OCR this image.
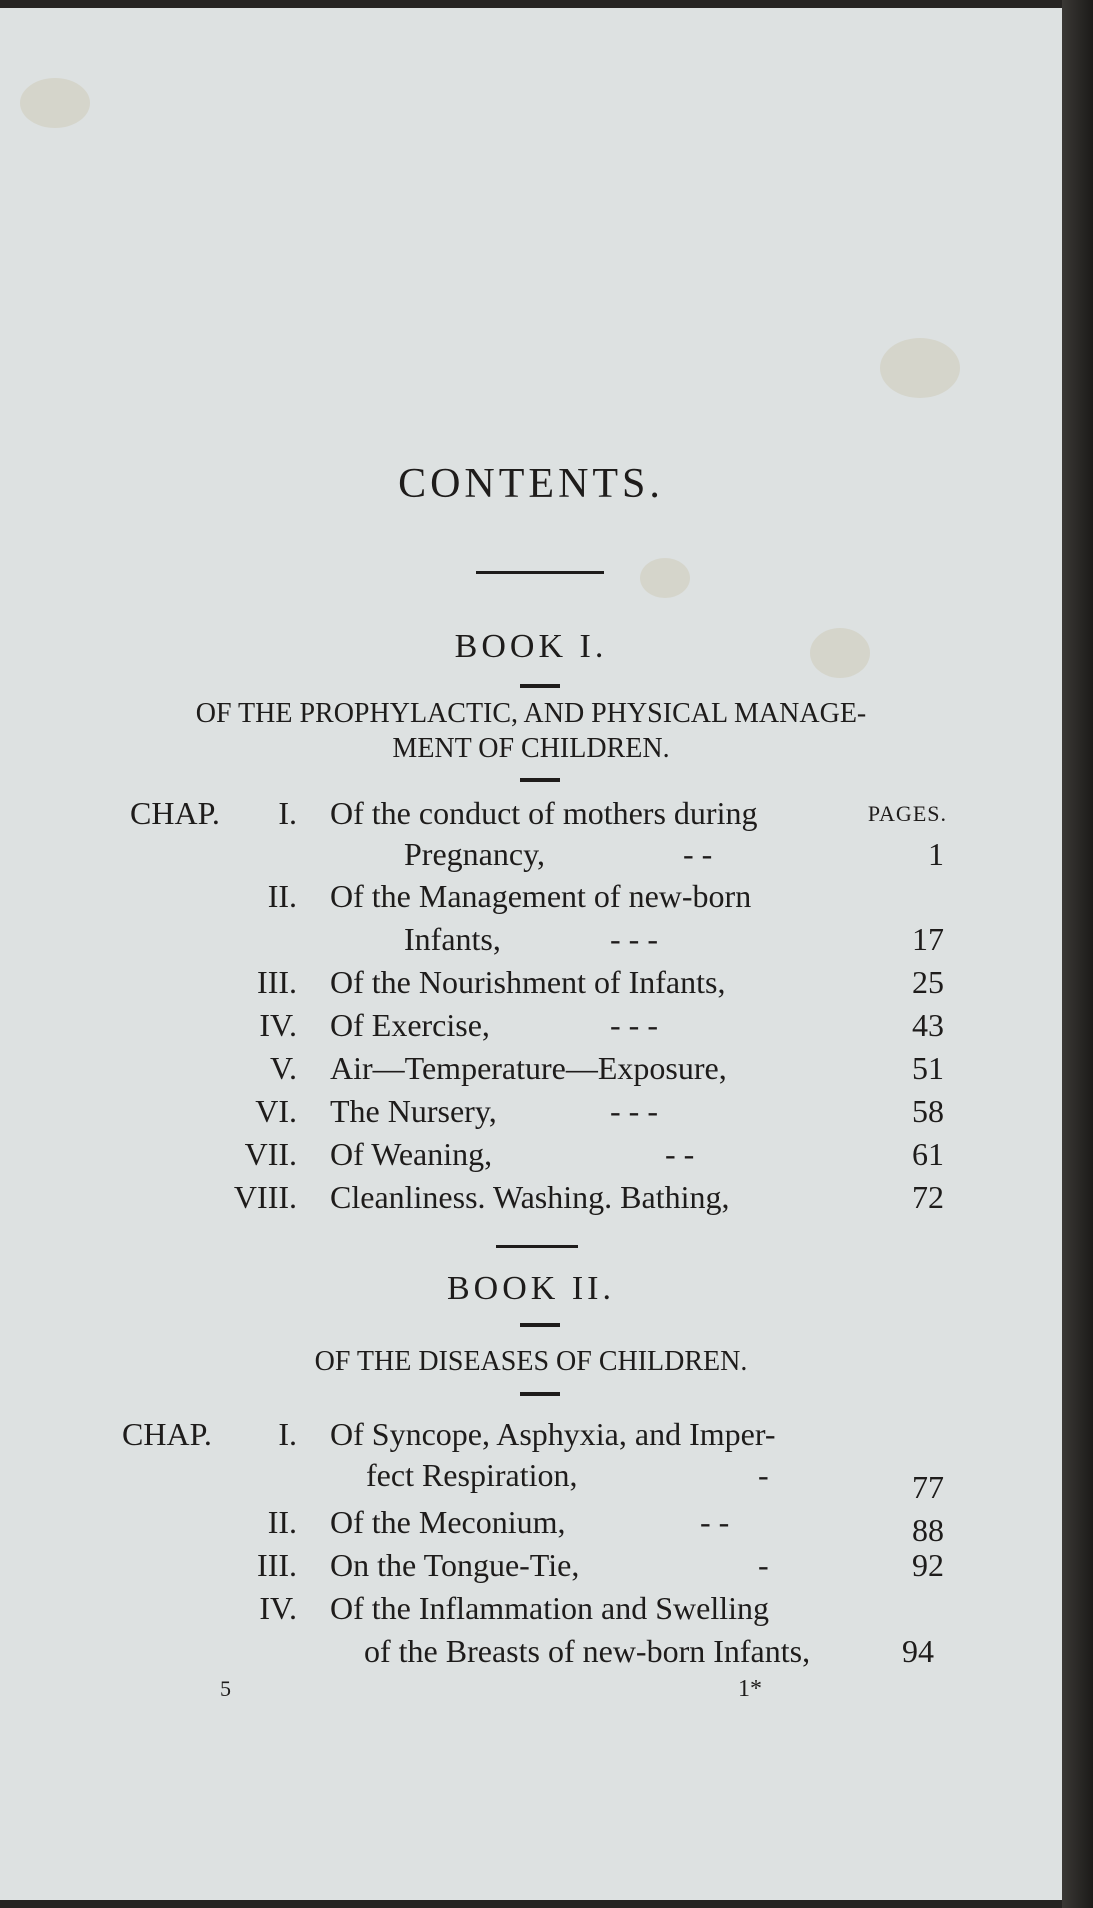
CONTENTS.
BOOK I.
OF THE PROPHYLACTIC, AND PHYSICAL MANAGE-
MENT OF CHILDREN.
CHAP. I. Of the conduct of mothers during	PAGES.
Pregnancy,	- -	1
II. Of the Management of new-born
Infants,	- - -	17
III. Of the Nourishment of Infants,	25
IV. Of Exercise,	- - -	43
V. Air—Temperature—Exposure,	51
VI. The Nursery,	- - -	58
VII. Of Weaning,	- -	61
VIII. Cleanliness. Washing. Bathing,	72
BOOK II.
OF THE DISEASES OF CHILDREN.
CHAP. I. Of Syncope, Asphyxia, and Imper-
fect Respiration,	-	77
II. Of the Meconium,	- -	88
III. On the Tongue-Tie,	-	92
IV. Of the Inflammation and Swelling
of the Breasts of new-born Infants,	94
5	1*
